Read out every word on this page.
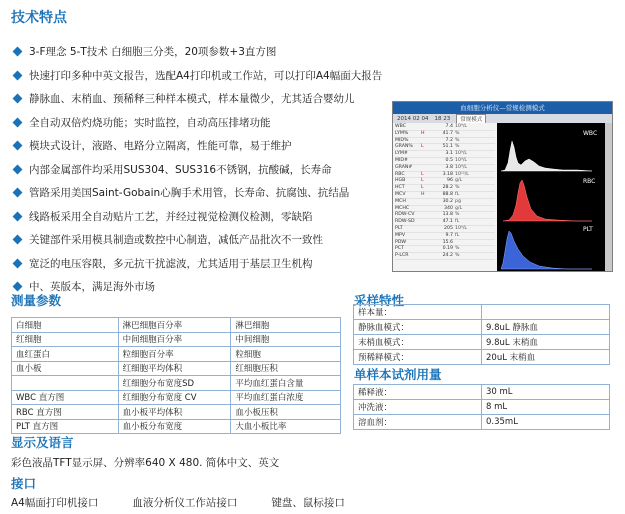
技术特点
3-F理念 5-T技术 白细胞三分类，20项参数+3直方图
快速打印多种中英文报告，选配A4打印机或工作站，可以打印A4幅面大报告
静脉血、末梢血、预稀释三种样本模式，样本量微少，尤其适合婴幼儿
全自动双倍灼烧功能；实时监控，自动高压排堵功能
模块式设计，液路、电路分立隔离，性能可靠，易于维护
内部金属部件均采用SUS304、SUS316不锈钢，抗酸碱，长寿命
管路采用美国Saint-Gobain心胸手术用管，长寿命、抗腐蚀、抗结晶
线路板采用全自动贴片工艺，并经过视觉检测仪检测，零缺陷
关键部件采用模具制造或数控中心制造，减低产品批次不一致性
宽泛的电压容限，多元抗干扰滤波，尤其适用于基层卫生机构
中、英版本，满足海外市场
血细胞分析仪—常规检测模式
2014 02 04 18 23	常规模式
WBC	7.4 10⁹/L
LYM%	H	41.7 %
MID%	7.2 %
GRAN%	L	51.1 %
LYM#	3.1 10⁹/L
MID#	0.5 10⁹/L
GRAN#	3.8 10⁹/L
RBC	L	3.18 10¹²/L
HGB	L	96 g/L
HCT	L	28.2 %
MCV	H	88.8 fL
MCH	30.2 pg
MCHC	340 g/L
RDW-CV	13.8 %
RDW-SD	47.1 fL
PLT	205 10⁹/L
MPV	9.7 fL
PDW	15.6
PCT	0.19 %
P-LCR	24.2 %
WBC
RBC
PLT
测量参数
白细胞	淋巴细胞百分率	淋巴细胞
红细胞	中间细胞百分率	中间细胞
血红蛋白	粒细胞百分率	粒细胞
血小板	红细胞平均体积	红细胞压积
	红细胞分布宽度SD	平均血红蛋白含量
WBC 直方图	红细胞分布宽度 CV	平均血红蛋白浓度
RBC 直方图	血小板平均体积	血小板压积
PLT 直方图	血小板分布宽度	大血小板比率
采样特性
样本量：	
静脉血模式：	9.8uL 静脉血
末梢血模式：	9.8uL 末梢血
预稀释模式：	20uL 末梢血
单样本试剂用量
稀释液：	30 mL
冲洗液：	8 mL
溶血剂：	0.35mL
显示及语言
彩色液晶TFT显示屏、分辨率640 X 480. 简体中文、英文
接口
A4幅面打印机接口	血液分析仪工作站接口	键盘、鼠标接口
